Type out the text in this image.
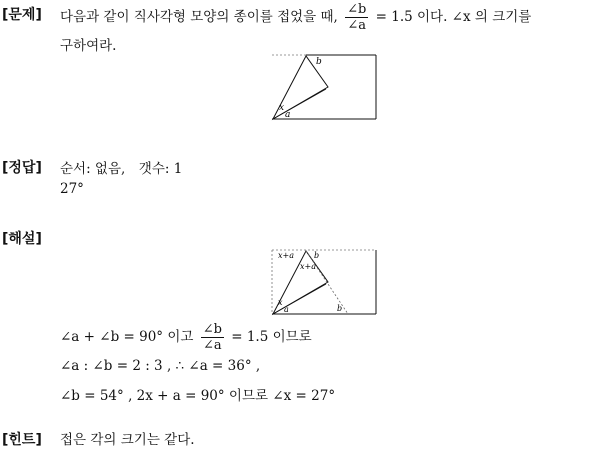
[문제] 다음과 같이 직사각형 모양의 종이를 접었을 때, $\frac{\angle b}{\angle a} = 1.5$ 이다. ∠x 의 크기를
구하여라.
b
x
a
[정답] 순서: 없음,　갯수: 1
27°
[해설]
x+a	b
x+a
x
a	b
∠a + ∠b = 90° 이고 $\frac{\angle b}{\angle a} = 1.5$ 이므로
∠a : ∠b = 2 : 3 , ∴ ∠a = 36° ,
∠b = 54° , 2x + a = 90° 이므로 ∠x = 27°
[힌트] 접은 각의 크기는 같다.
